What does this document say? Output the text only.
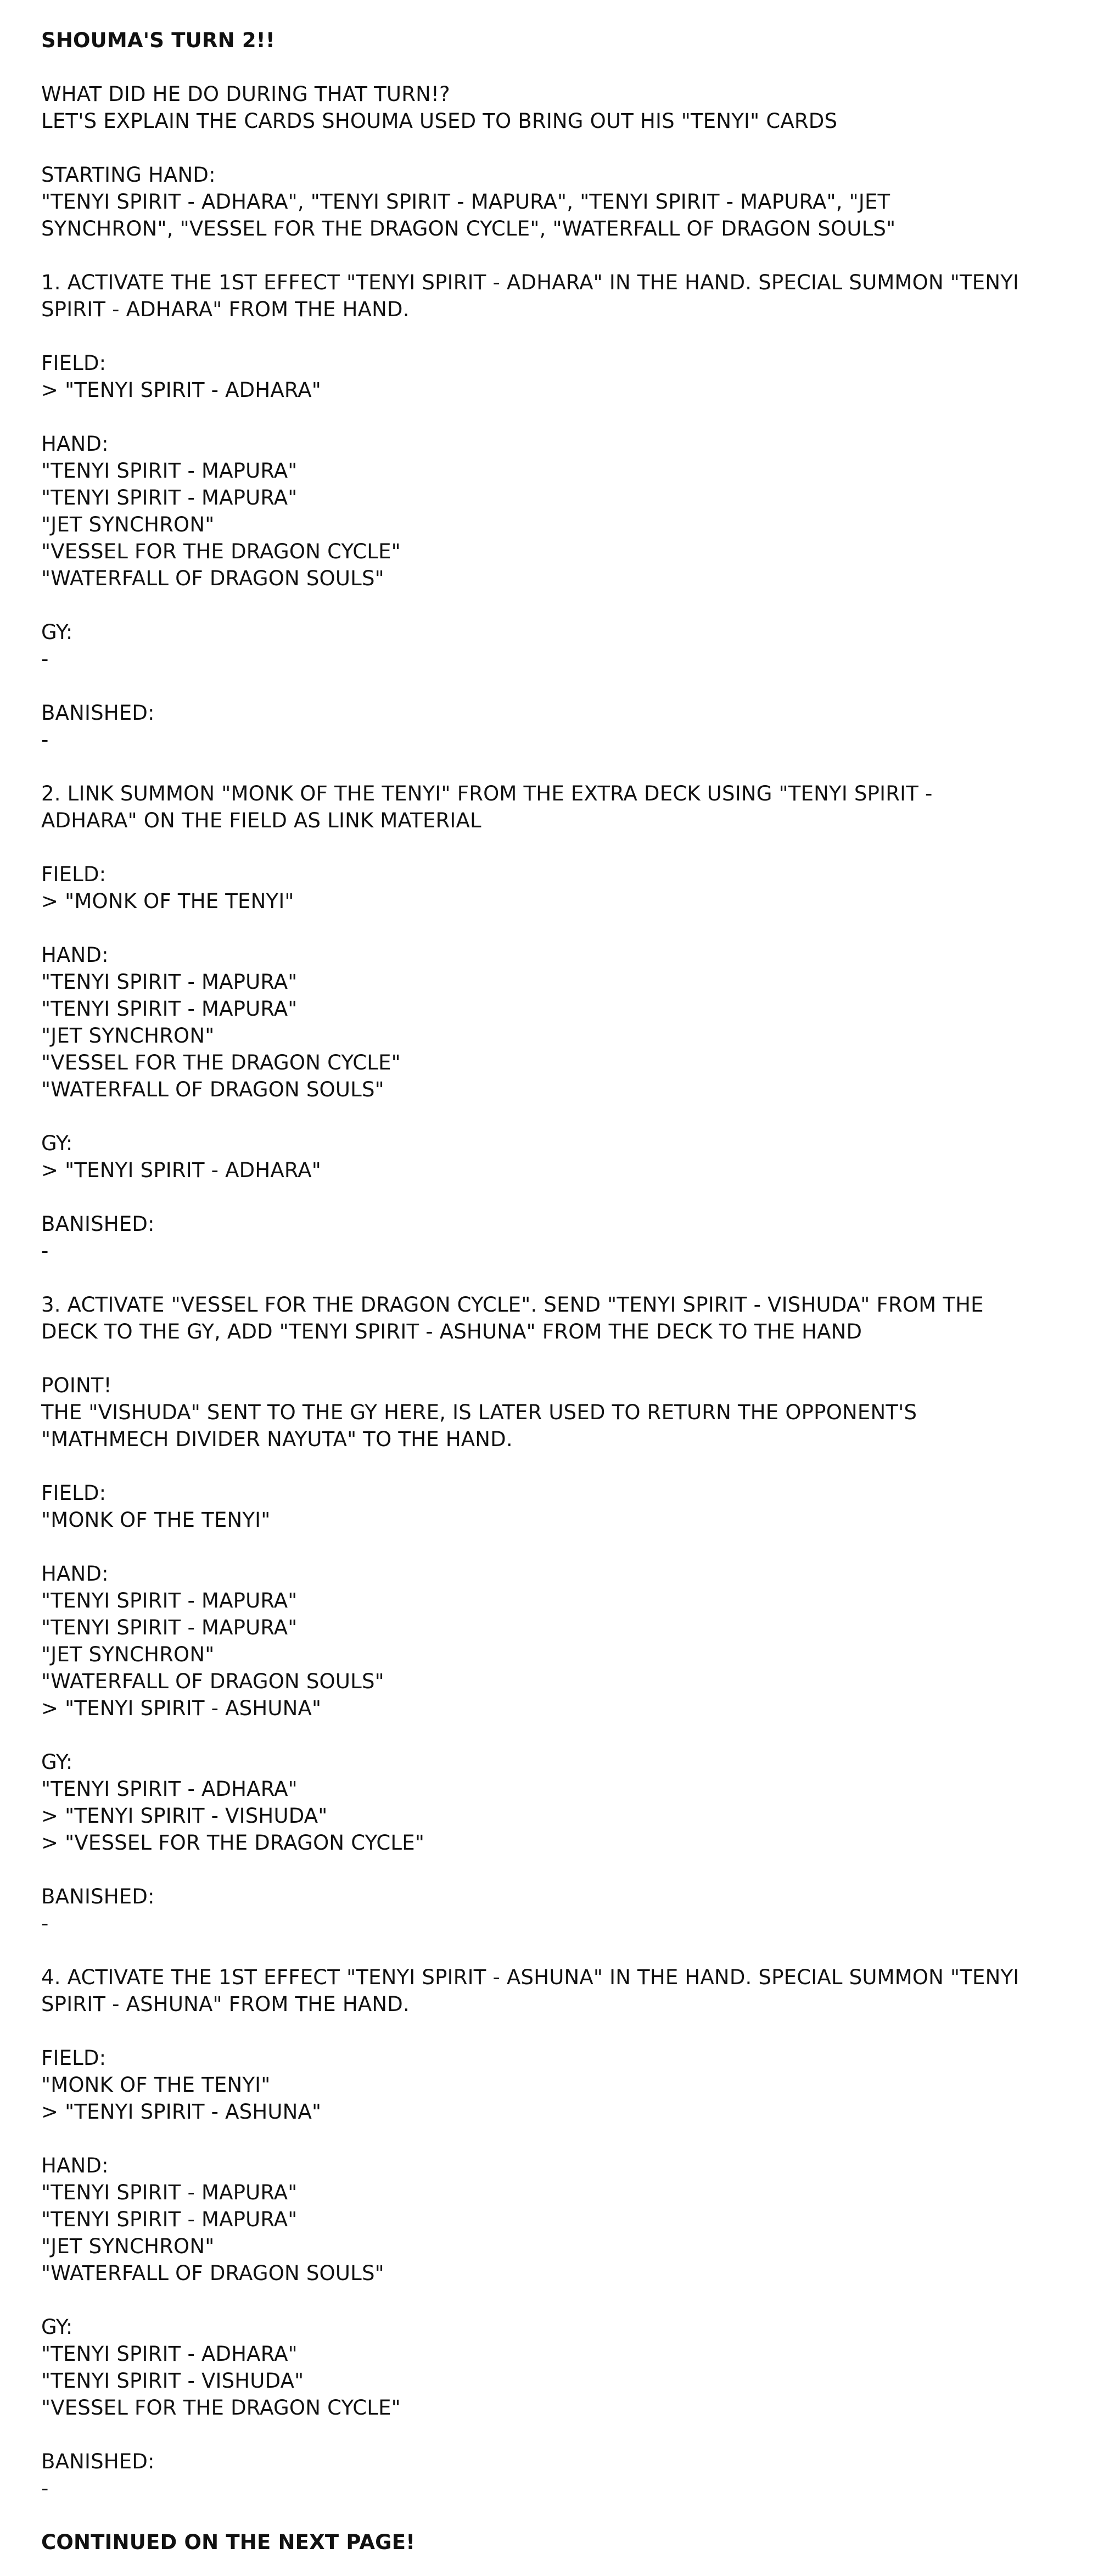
SHOUMA'S TURN 2!!
WHAT DID HE DO DURING THAT TURN!?
LET'S EXPLAIN THE CARDS SHOUMA USED TO BRING OUT HIS "TENYI" CARDS
STARTING HAND:
"TENYI SPIRIT - ADHARA", "TENYI SPIRIT - MAPURA", "TENYI SPIRIT - MAPURA", "JET
SYNCHRON", "VESSEL FOR THE DRAGON CYCLE", "WATERFALL OF DRAGON SOULS"
1. ACTIVATE THE 1ST EFFECT "TENYI SPIRIT - ADHARA" IN THE HAND. SPECIAL SUMMON "TENYI
SPIRIT - ADHARA" FROM THE HAND.
FIELD:
> "TENYI SPIRIT - ADHARA"
HAND:
"TENYI SPIRIT - MAPURA"
"TENYI SPIRIT - MAPURA"
"JET SYNCHRON"
"VESSEL FOR THE DRAGON CYCLE"
"WATERFALL OF DRAGON SOULS"
GY:
-
BANISHED:
-
2. LINK SUMMON "MONK OF THE TENYI" FROM THE EXTRA DECK USING "TENYI SPIRIT -
ADHARA" ON THE FIELD AS LINK MATERIAL
FIELD:
> "MONK OF THE TENYI"
HAND:
"TENYI SPIRIT - MAPURA"
"TENYI SPIRIT - MAPURA"
"JET SYNCHRON"
"VESSEL FOR THE DRAGON CYCLE"
"WATERFALL OF DRAGON SOULS"
GY:
> "TENYI SPIRIT - ADHARA"
BANISHED:
-
3. ACTIVATE "VESSEL FOR THE DRAGON CYCLE". SEND "TENYI SPIRIT - VISHUDA" FROM THE
DECK TO THE GY, ADD "TENYI SPIRIT - ASHUNA" FROM THE DECK TO THE HAND
POINT!
THE "VISHUDA" SENT TO THE GY HERE, IS LATER USED TO RETURN THE OPPONENT'S
"MATHMECH DIVIDER NAYUTA" TO THE HAND.
FIELD:
"MONK OF THE TENYI"
HAND:
"TENYI SPIRIT - MAPURA"
"TENYI SPIRIT - MAPURA"
"JET SYNCHRON"
"WATERFALL OF DRAGON SOULS"
> "TENYI SPIRIT - ASHUNA"
GY:
"TENYI SPIRIT - ADHARA"
> "TENYI SPIRIT - VISHUDA"
> "VESSEL FOR THE DRAGON CYCLE"
BANISHED:
-
4. ACTIVATE THE 1ST EFFECT "TENYI SPIRIT - ASHUNA" IN THE HAND. SPECIAL SUMMON "TENYI
SPIRIT - ASHUNA" FROM THE HAND.
FIELD:
"MONK OF THE TENYI"
> "TENYI SPIRIT - ASHUNA"
HAND:
"TENYI SPIRIT - MAPURA"
"TENYI SPIRIT - MAPURA"
"JET SYNCHRON"
"WATERFALL OF DRAGON SOULS"
GY:
"TENYI SPIRIT - ADHARA"
"TENYI SPIRIT - VISHUDA"
"VESSEL FOR THE DRAGON CYCLE"
BANISHED:
-
CONTINUED ON THE NEXT PAGE!
